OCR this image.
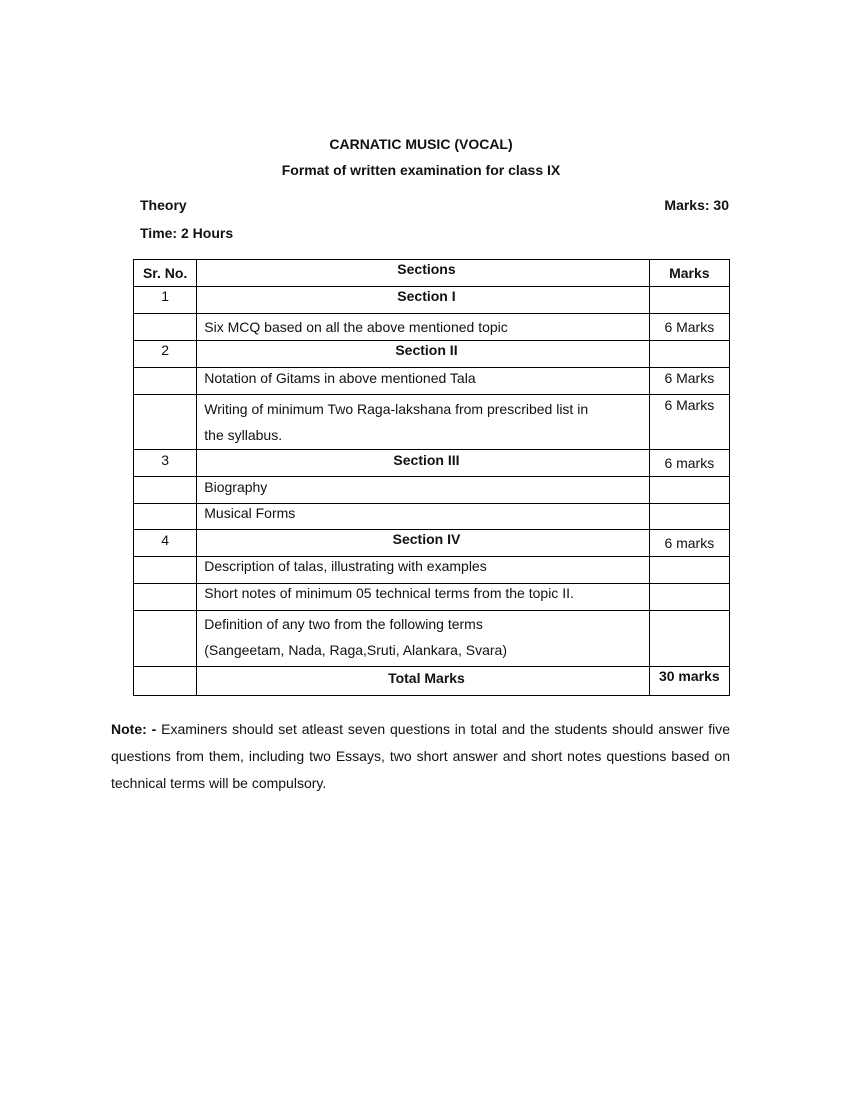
CARNATIC MUSIC (VOCAL)
Format of written examination for class IX
Theory	Marks: 30
Time: 2 Hours
Sr. No.	Sections	Marks

1	Section I	

	Six MCQ based on all the above mentioned topic	6 Marks

2	Section II	

	Notation of Gitams in above mentioned Tala	6 Marks

	Writing of minimum Two Raga-lakshana from prescribed list in
the syllabus.	6 Marks

3	Section III	6 marks

	Biography	

	Musical Forms	

4	Section IV	6 marks

	Description of talas, illustrating with examples	

	Short notes of minimum 05 technical terms from the topic II.	

	Definition of any two from the following terms
(Sangeetam, Nada, Raga,Sruti, Alankara, Svara)	

	Total Marks	30 marks
Note: - Examiners should set atleast seven questions in total and the students should answer five questions from them, including two Essays, two short answer and short notes questions based on technical terms will be compulsory.
